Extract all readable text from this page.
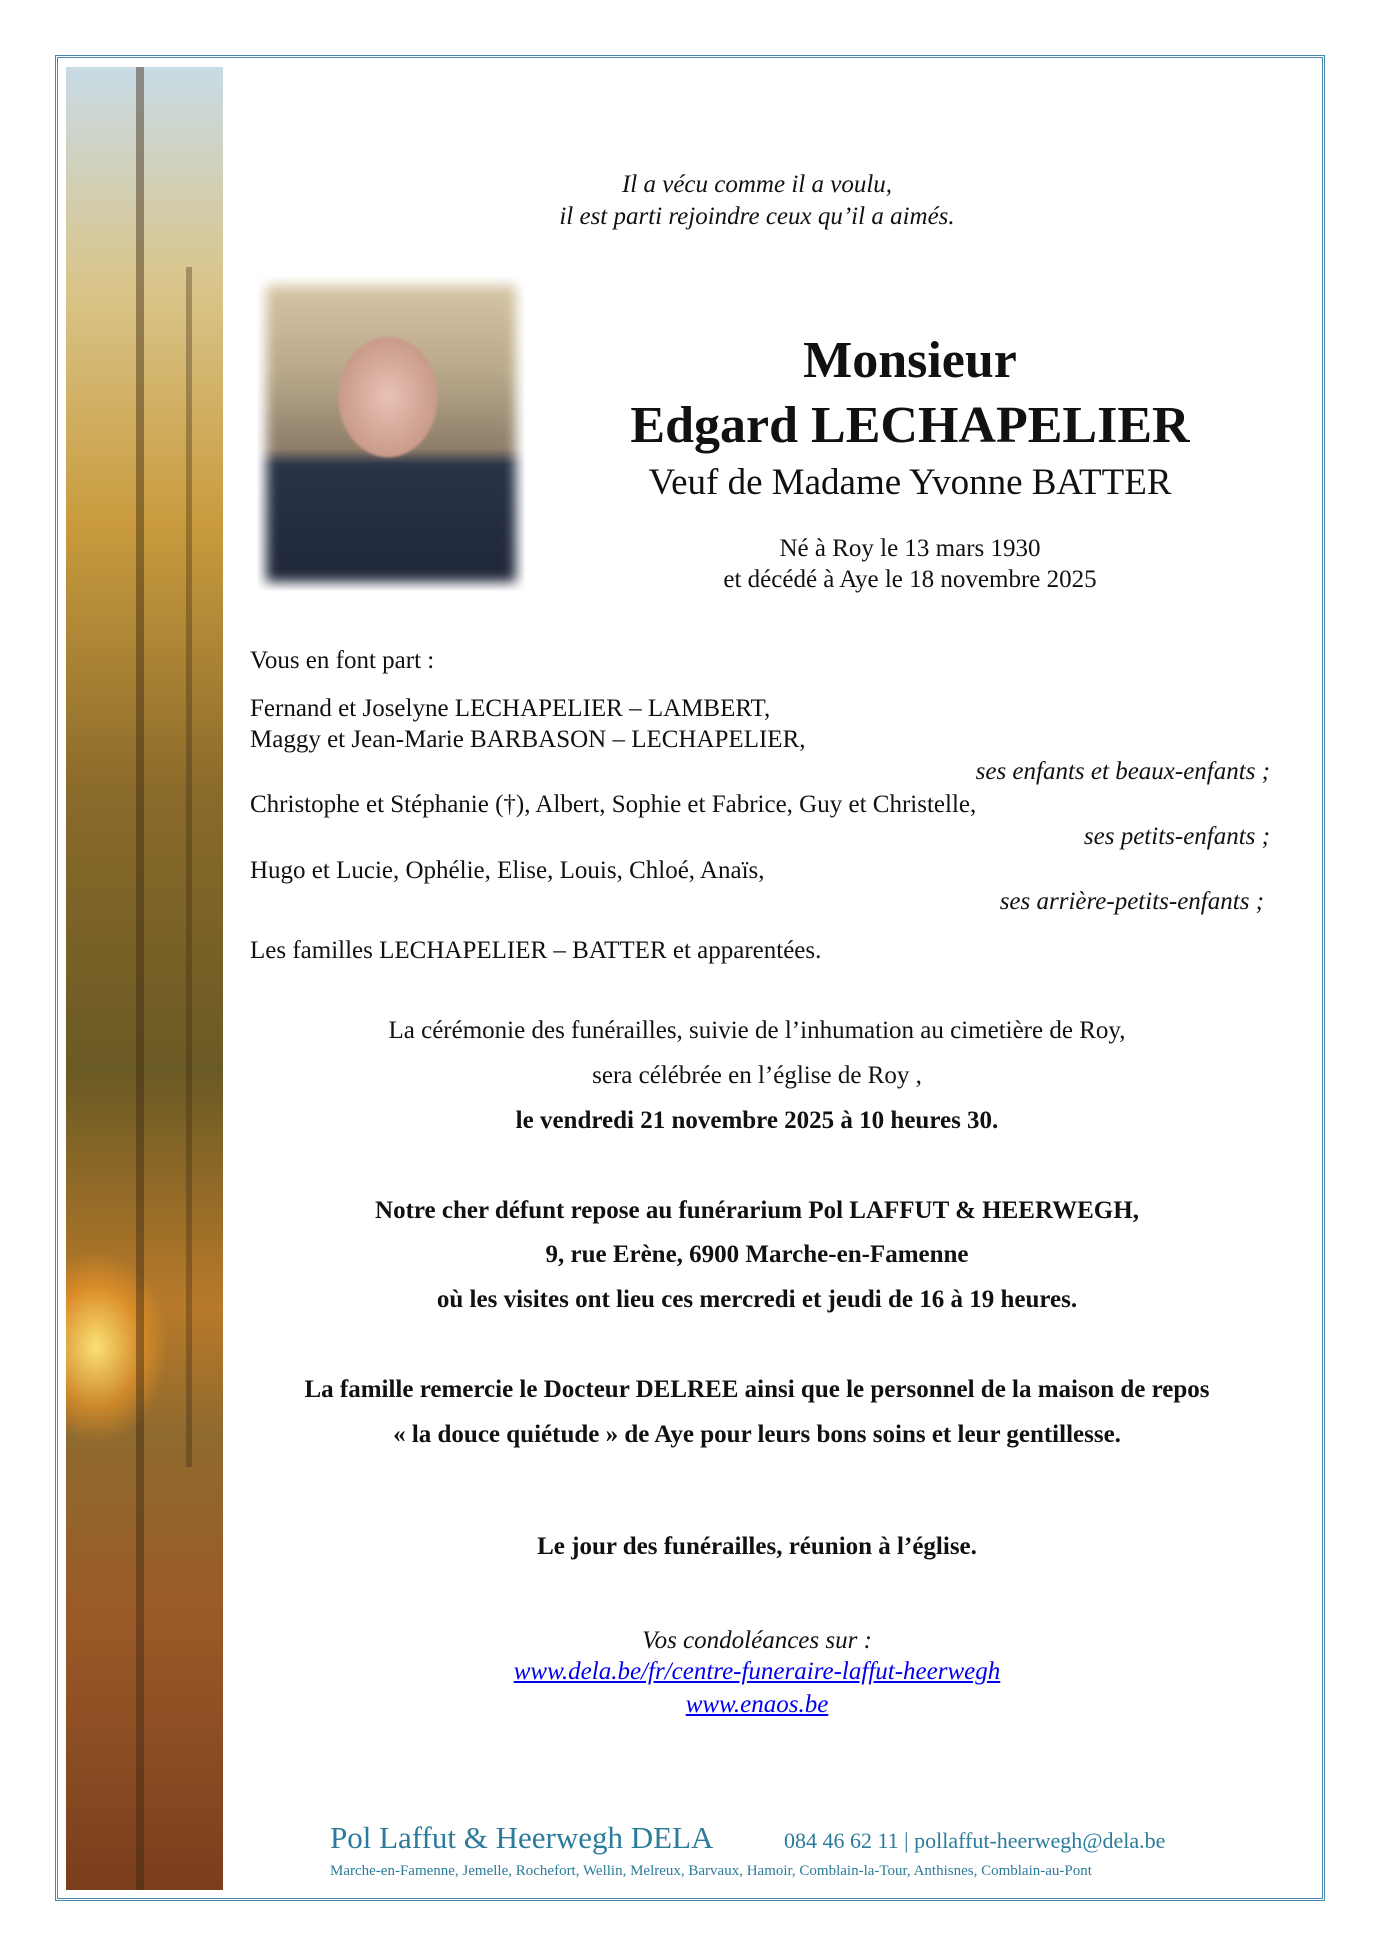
Il a vécu comme il a voulu,
il est parti rejoindre ceux qu’il a aimés.
Monsieur
Edgard LECHAPELIER
Veuf de Madame Yvonne BATTER
Né à Roy le 13 mars 1930
et décédé à Aye le 18 novembre 2025
Vous en font part :
Fernand et Joselyne LECHAPELIER – LAMBERT,
Maggy et Jean-Marie BARBASON – LECHAPELIER,
ses enfants et beaux-enfants ;
Christophe et Stéphanie (†), Albert, Sophie et Fabrice, Guy et Christelle,
ses petits-enfants ;
Hugo et Lucie, Ophélie, Elise, Louis, Chloé, Anaïs,
ses arrière-petits-enfants ;
Les familles LECHAPELIER – BATTER et apparentées.
La cérémonie des funérailles, suivie de l’inhumation au cimetière de Roy,
sera célébrée en l’église de Roy ,
le vendredi 21 novembre 2025 à 10 heures 30.
Notre cher défunt repose au funérarium Pol LAFFUT & HEERWEGH,
9, rue Erène, 6900 Marche-en-Famenne
où les visites ont lieu ces mercredi et jeudi de 16 à 19 heures.
La famille remercie le Docteur DELREE ainsi que le personnel de la maison de repos
« la douce quiétude » de Aye pour leurs bons soins et leur gentillesse.
Le jour des funérailles, réunion à l’église.
Vos condoléances sur :
www.dela.be/fr/centre-funeraire-laffut-heerwegh
www.enaos.be
Pol Laffut & Heerwegh DELA	084 46 62 11 | pollaffut-heerwegh@dela.be
Marche-en-Famenne, Jemelle, Rochefort, Wellin, Melreux, Barvaux, Hamoir, Comblain-la-Tour, Anthisnes, Comblain-au-Pont
